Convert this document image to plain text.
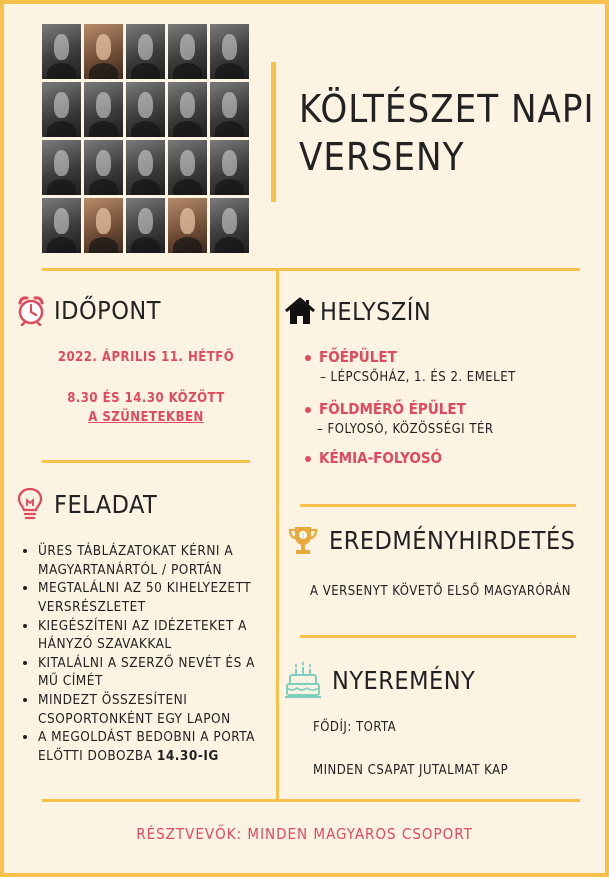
KÖLTÉSZET NAPI
VERSENY
IDŐPONT
2022. ÁPRILIS 11. HÉTFŐ
8.30 ÉS 14.30 KÖZÖTT
A SZÜNETEKBEN
FELADAT
• ÜRES TÁBLÁZATOKAT KÉRNI A MAGYARTANÁRTÓL / PORTÁN
• MEGTALÁLNI AZ 50 KIHELYEZETT VERSRÉSZLETET
• KIEGÉSZÍTENI AZ IDÉZETEKET A HÁNYZÓ SZAVAKKAL
• KITALÁLNI A SZERZŐ NEVÉT ÉS A MŰ CÍMÉT
• MINDEZT ÖSSZESÍTENI CSOPORTONKÉNT EGY LAPON
• A MEGOLDÁST BEDOBNI A PORTA ELŐTTI DOBOZBA 14.30-IG
HELYSZÍN
FŐÉPÜLET
– LÉPCSŐHÁZ, 1. ÉS 2. EMELET
FÖLDMÉRŐ ÉPÜLET
– FOLYOSÓ, KÖZÖSSÉGI TÉR
KÉMIA-FOLYOSÓ
1 EREDMÉNYHIRDETÉS
A VERSENYT KÖVETŐ ELSŐ MAGYARÓRÁN
NYEREMÉNY
FŐDÍJ: TORTA
MINDEN CSAPAT JUTALMAT KAP
RÉSZTVEVŐK: MINDEN MAGYAROS CSOPORT
